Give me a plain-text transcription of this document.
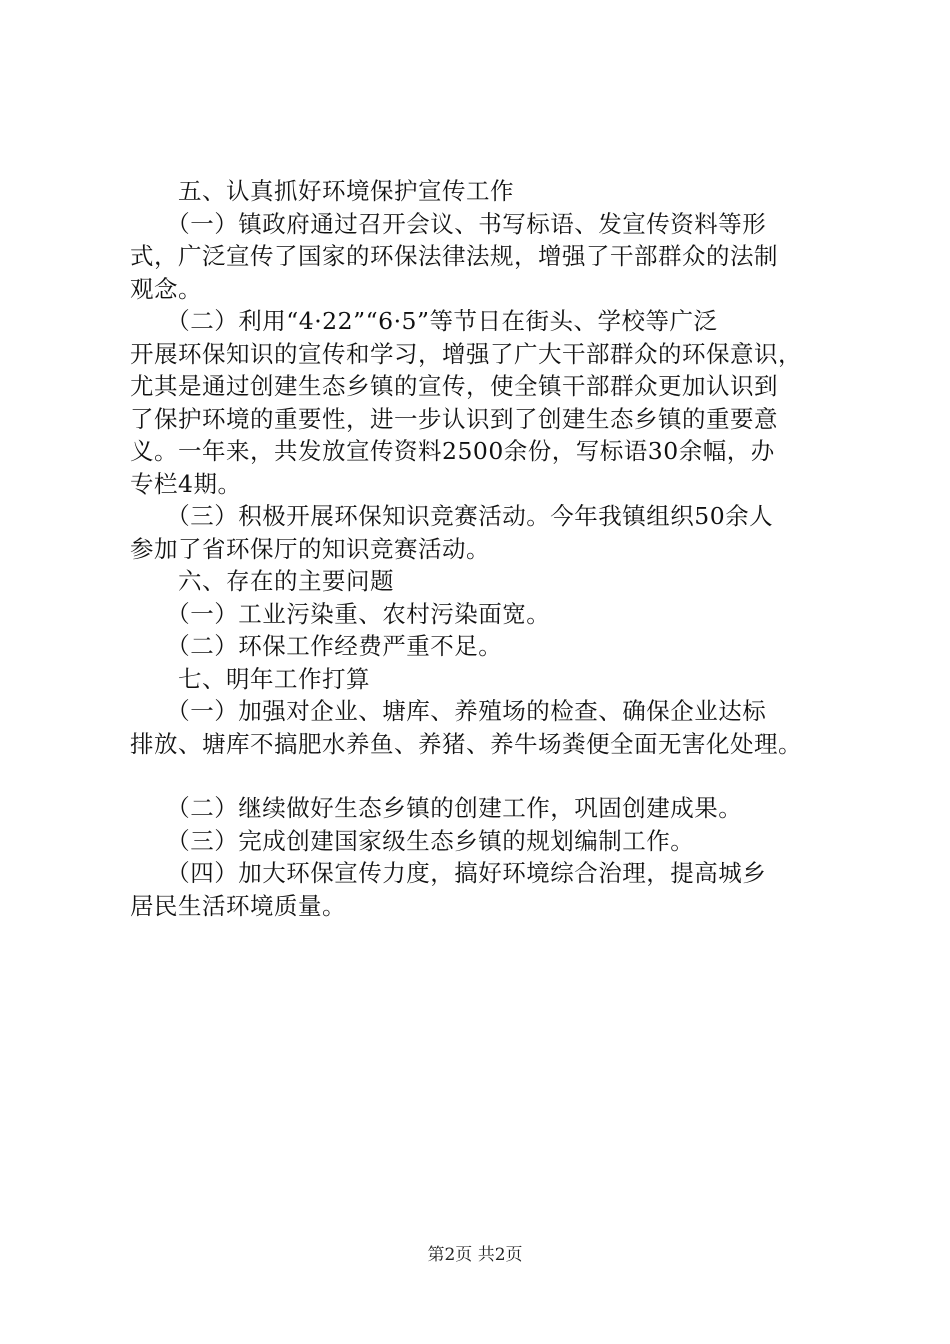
　　五、认真抓好环境保护宣传工作
　　（一）镇政府通过召开会议、书写标语、发宣传资料等形
式，广泛宣传了国家的环保法律法规，增强了干部群众的法制
观念。
　　（二）利用“4·22”“6·5”等节日在街头、学校等广泛
开展环保知识的宣传和学习，增强了广大干部群众的环保意识，
尤其是通过创建生态乡镇的宣传，使全镇干部群众更加认识到
了保护环境的重要性，进一步认识到了创建生态乡镇的重要意
义。一年来，共发放宣传资料2500余份，写标语30余幅，办
专栏4期。
　　（三）积极开展环保知识竞赛活动。今年我镇组织50余人
参加了省环保厅的知识竞赛活动。
　　六、存在的主要问题
　　（一）工业污染重、农村污染面宽。
　　（二）环保工作经费严重不足。
　　七、明年工作打算
　　（一）加强对企业、塘库、养殖场的检查、确保企业达标
排放、塘库不搞肥水养鱼、养猪、养牛场粪便全面无害化处理。
　　（二）继续做好生态乡镇的创建工作，巩固创建成果。
　　（三）完成创建国家级生态乡镇的规划编制工作。
　　（四）加大环保宣传力度，搞好环境综合治理，提高城乡
居民生活环境质量。
第2页 共2页
